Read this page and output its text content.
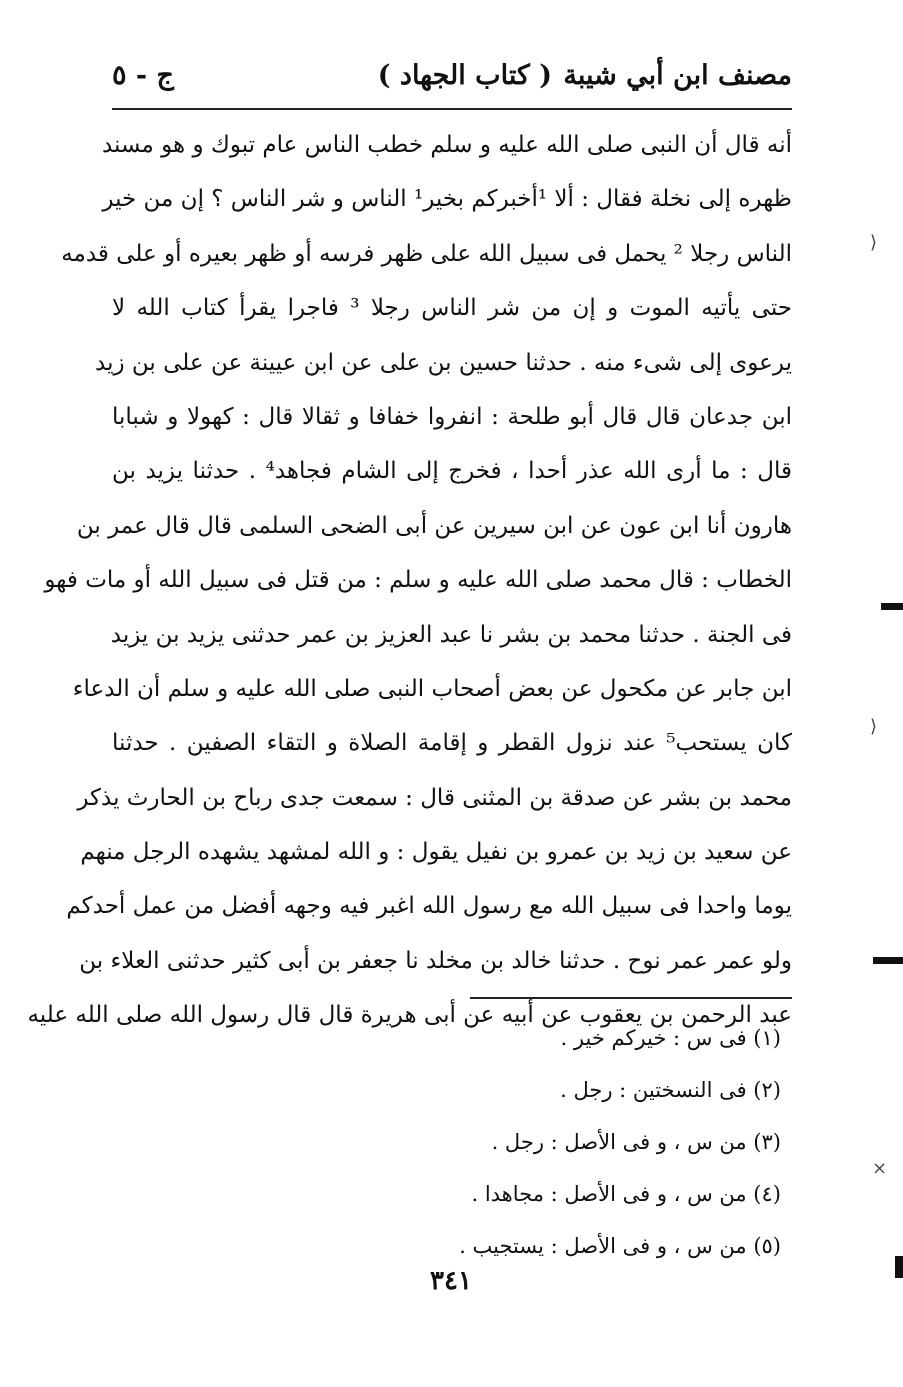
مصنف ابن أبي شيبة
( كتاب الجهاد )
ج - ٥
أنه قال أن النبى صلى الله عليه و سلم خطب الناس عام تبوك و هو مسند
ظهره إلى نخلة فقال : ألا ¹أخبركم بخير¹ الناس و شر الناس ؟ إن من خير
الناس رجلا ² يحمل فى سبيل الله على ظهر فرسه أو ظهر بعيره أو على قدمه
حتى يأتيه الموت و إن من شر الناس رجلا ³ فاجرا يقرأ كتاب الله لا
يرعوى إلى شىء منه . حدثنا حسين بن على عن ابن عيينة عن على بن زيد
ابن جدعان قال قال أبو طلحة : انفروا خفافا و ثقالا قال : كهولا و شبابا
قال : ما أرى الله عذر أحدا ، فخرج إلى الشام فجاهد⁴ . حدثنا يزيد بن
هارون أنا ابن عون عن ابن سيرين عن أبى الضحى السلمى قال قال عمر بن
الخطاب : قال محمد صلى الله عليه و سلم : من قتل فى سبيل الله أو مات فهو
فى الجنة . حدثنا محمد بن بشر نا عبد العزيز بن عمر حدثنى يزيد بن يزيد
ابن جابر عن مكحول عن بعض أصحاب النبى صلى الله عليه و سلم أن الدعاء
كان يستحب⁵ عند نزول القطر و إقامة الصلاة و التقاء الصفين . حدثنا
محمد بن بشر عن صدقة بن المثنى قال : سمعت جدى رباح بن الحارث يذكر
عن سعيد بن زيد بن عمرو بن نفيل يقول : و الله لمشهد يشهده الرجل منهم
يوما واحدا فى سبيل الله مع رسول الله اغبر فيه وجهه أفضل من عمل أحدكم
ولو عمر عمر نوح . حدثنا خالد بن مخلد نا جعفر بن أبى كثير حدثنى العلاء بن
عبد الرحمن بن يعقوب عن أبيه عن أبى هريرة قال قال رسول الله صلى الله عليه
(١) فى س : خيركم خير .
(٢) فى النسختين : رجل .
(٣) من س ، و فى الأصل : رجل .
(٤) من س ، و فى الأصل : مجاهدا .
(٥) من س ، و فى الأصل : يستجيب .
٣٤١
⟩
⟩
×
